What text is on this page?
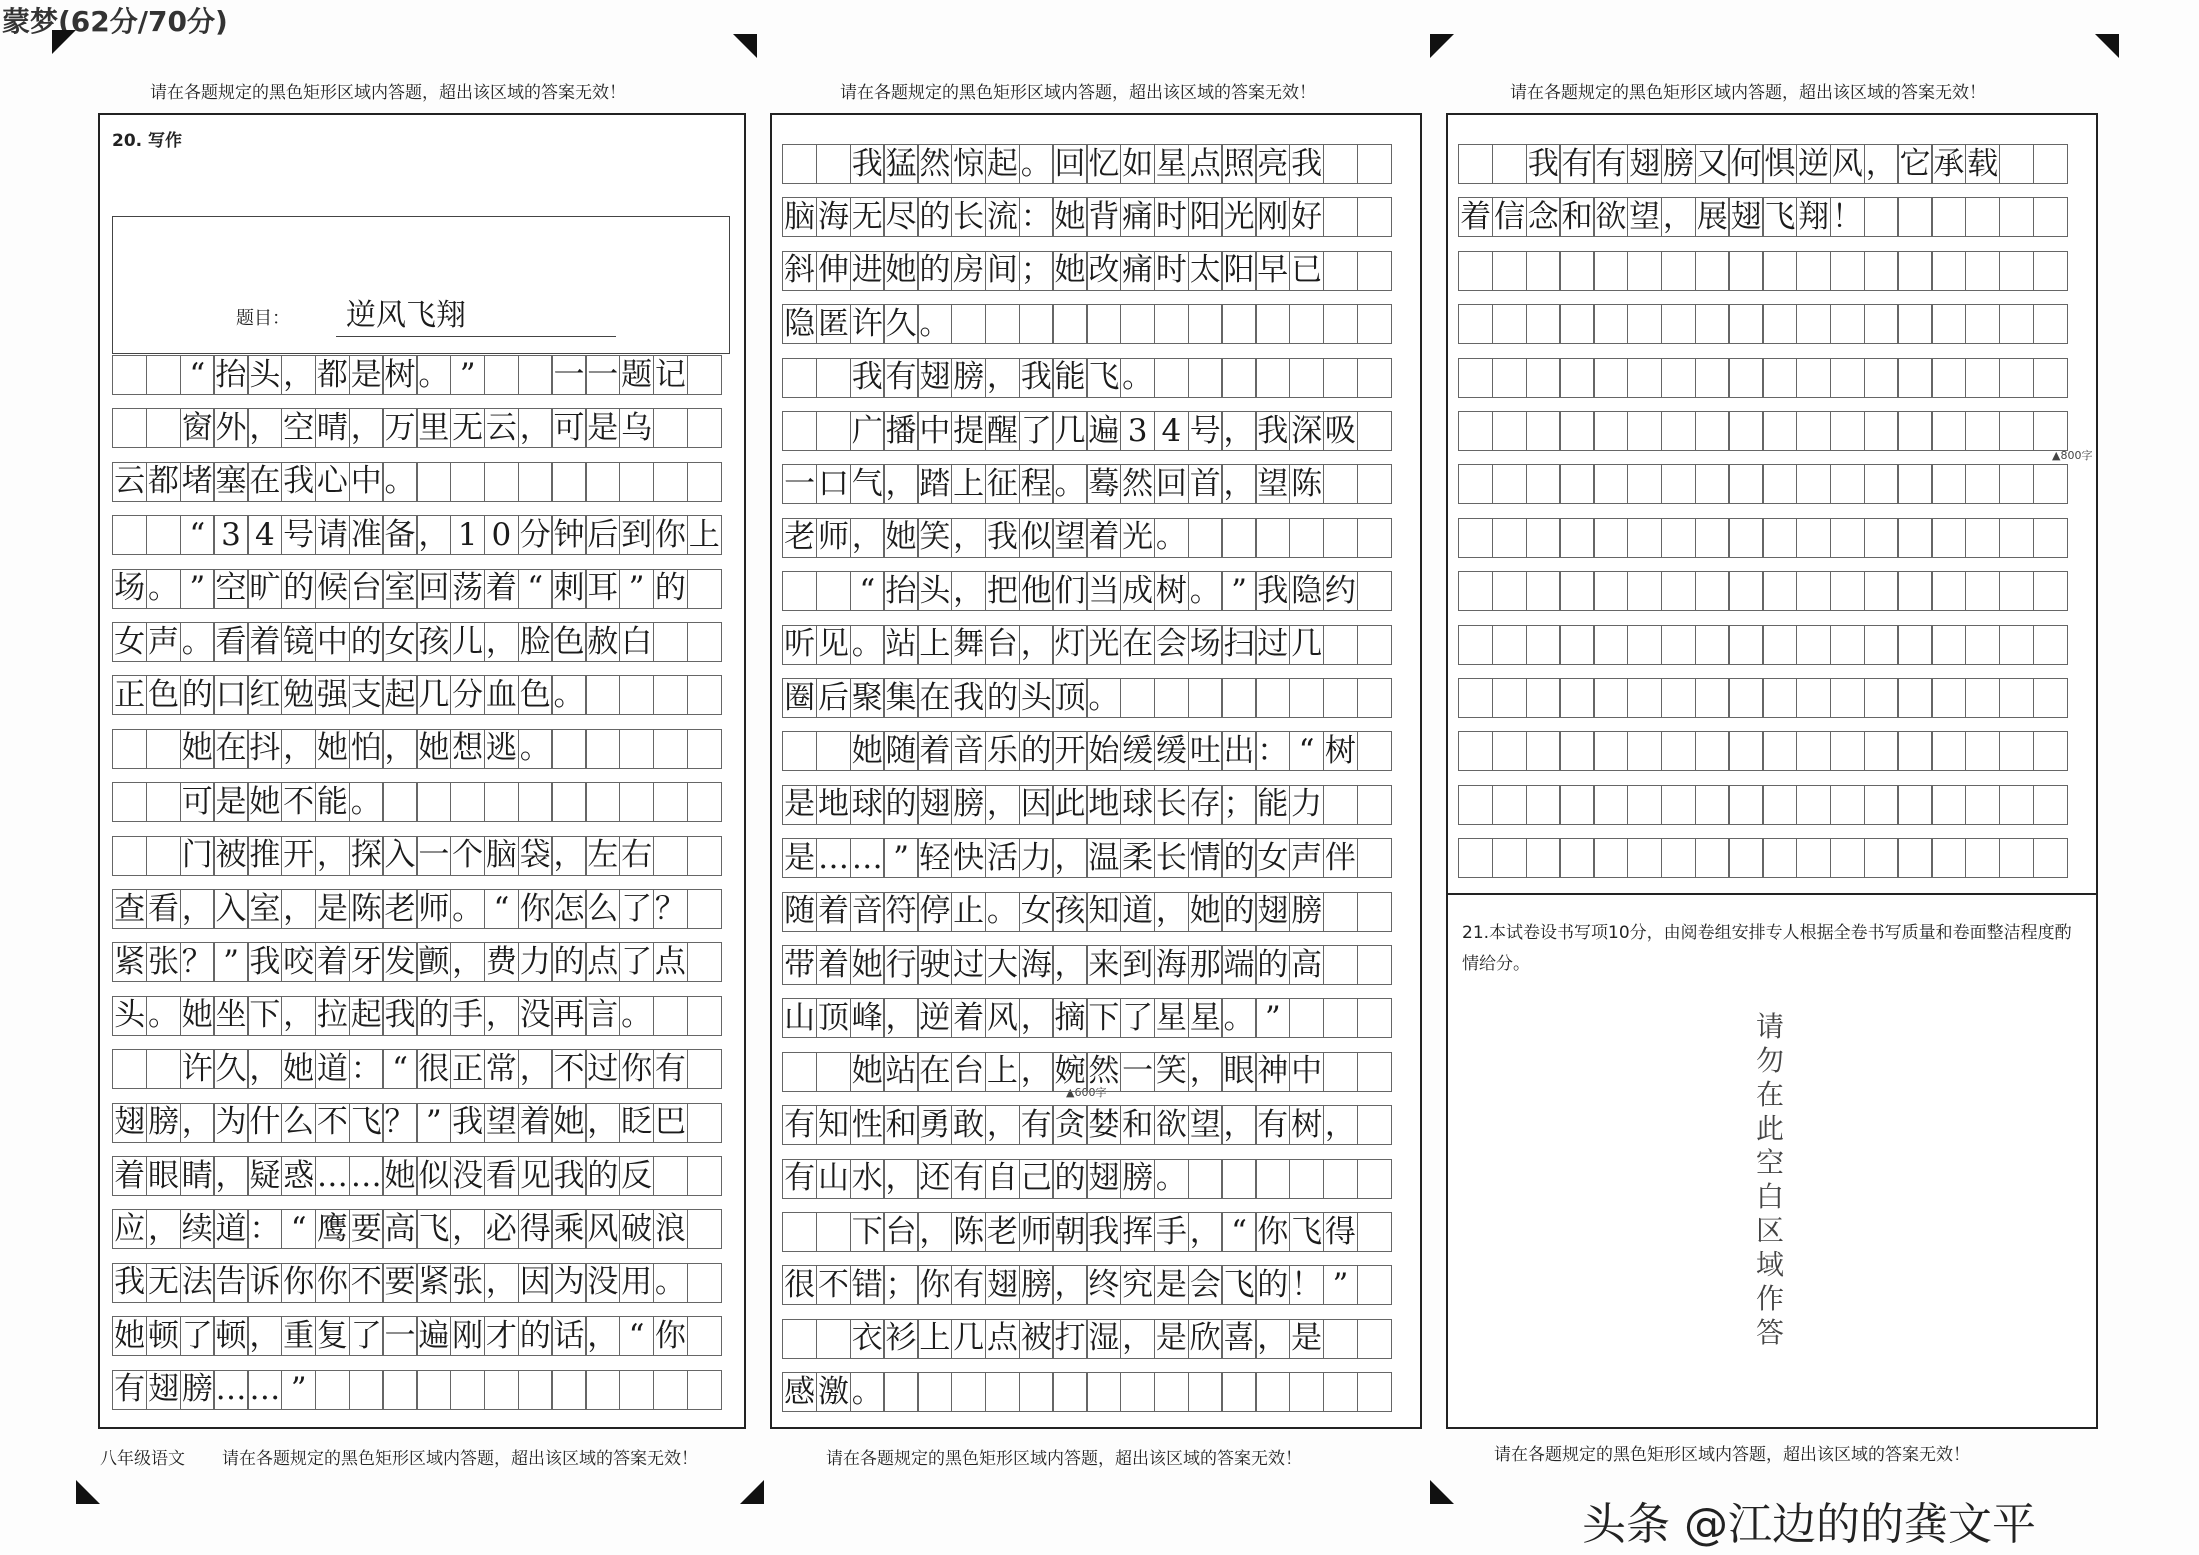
蒙梦(62分/70分)
请在各题规定的黑色矩形区域内答题，超出该区域的答案无效！	请在各题规定的黑色矩形区域内答题，超出该区域的答案无效！	请在各题规定的黑色矩形区域内答题，超出该区域的答案无效！
20. 写作
题目：	逆风飞翔
21.本试卷设书写项10分，由阅卷组安排专人根据全卷书写质量和卷面整洁程度酌情给分。
请勿在此空白区域作答
▲600字
▲800字
“ 抬 头 ， 都 是 树 。 ”	一 一 题 记
窗 外 ， 空 晴 ， 万 里 无 云 ， 可 是 乌
云 都 堵 塞 在 我 心 中 。
“ 3 4 号 请 准 备 ， 1 0 分 钟 后 到 你 上
场 。 ” 空 旷 的 候 台 室 回 荡 着 “ 刺 耳 ” 的
女 声 。 看 着 镜 中 的 女 孩 儿 ， 脸 色 赦 白
正 色 的 口 红 勉 强 支 起 几 分 血 色 。
她 在 抖 ， 她 怕 ， 她 想 逃 。
可 是 她 不 能 。
门 被 推 开 ， 探 入 一 个 脑 袋 ， 左 右
查 看 ， 入 室 ， 是 陈 老 师 。 “ 你 怎 么 了 ？
紧 张 ？ ” 我 咬 着 牙 发 颤 ， 费 力 的 点 了 点
头 。 她 坐 下 ， 拉 起 我 的 手 ， 没 再 言 。
许 久 ， 她 道 ： “ 很 正 常 ， 不 过 你 有
翅 膀 ， 为 什 么 不 飞 ？ ” 我 望 着 她 ， 眨 巴
着 眼 睛 ， 疑 惑 … … 她 似 没 看 见 我 的 反
应 ， 续 道 ： “ 鹰 要 高 飞 ， 必 得 乘 风 破 浪
我 无 法 告 诉 你 你 不 要 紧 张 ， 因 为 没 用 。
她 顿 了 顿 ， 重 复 了 一 遍 刚 才 的 话 ， “ 你
有 翅 膀 … … ”
我 猛 然 惊 起 。 回 忆 如 星 点 照 亮 我
脑 海 无 尽 的 长 流 ： 她 背 痛 时 阳 光 刚 好
斜 伸 进 她 的 房 间 ； 她 改 痛 时 太 阳 早 已
隐 匿 许 久 。
我 有 翅 膀 ， 我 能 飞 。
广 播 中 提 醒 了 几 遍 3 4 号 ， 我 深 吸
一 口 气 ， 踏 上 征 程 。 蓦 然 回 首 ， 望 陈
老 师 ， 她 笑 ， 我 似 望 着 光 。
“ 抬 头 ， 把 他 们 当 成 树 。 ” 我 隐 约
听 见 。 站 上 舞 台 ， 灯 光 在 会 场 扫 过 几
圈 后 聚 集 在 我 的 头 顶 。
她 随 着 音 乐 的 开 始 缓 缓 吐 出 ： “ 树
是 地 球 的 翅 膀 ， 因 此 地 球 长 存 ； 能 力
是 … … ” 轻 快 活 力 ， 温 柔 长 情 的 女 声 伴
随 着 音 符 停 止 。 女 孩 知 道 ， 她 的 翅 膀
带 着 她 行 驶 过 大 海 ， 来 到 海 那 端 的 高
山 顶 峰 ， 逆 着 风 ， 摘 下 了 星 星 。 ”
她 站 在 台 上 ， 婉 然 一 笑 ， 眼 神 中
有 知 性 和 勇 敢 ， 有 贪 婪 和 欲 望 ， 有 树 ，
有 山 水 ， 还 有 自 己 的 翅 膀 。
下 台 ， 陈 老 师 朝 我 挥 手 ， “ 你 飞 得
很 不 错 ； 你 有 翅 膀 ， 终 究 是 会 飞 的 ！ ”
衣 衫 上 几 点 被 打 湿 ， 是 欣 喜 ， 是
感 激 。
我 有 有 翅 膀 又 何 惧 逆 风 ， 它 承 载
着 信 念 和 欲 望 ， 展 翅 飞 翔 ！
八年级语文 请在各题规定的黑色矩形区域内答题，超出该区域的答案无效！	请在各题规定的黑色矩形区域内答题，超出该区域的答案无效！	请在各题规定的黑色矩形区域内答题，超出该区域的答案无效！
头条 @江边的的龚文平
